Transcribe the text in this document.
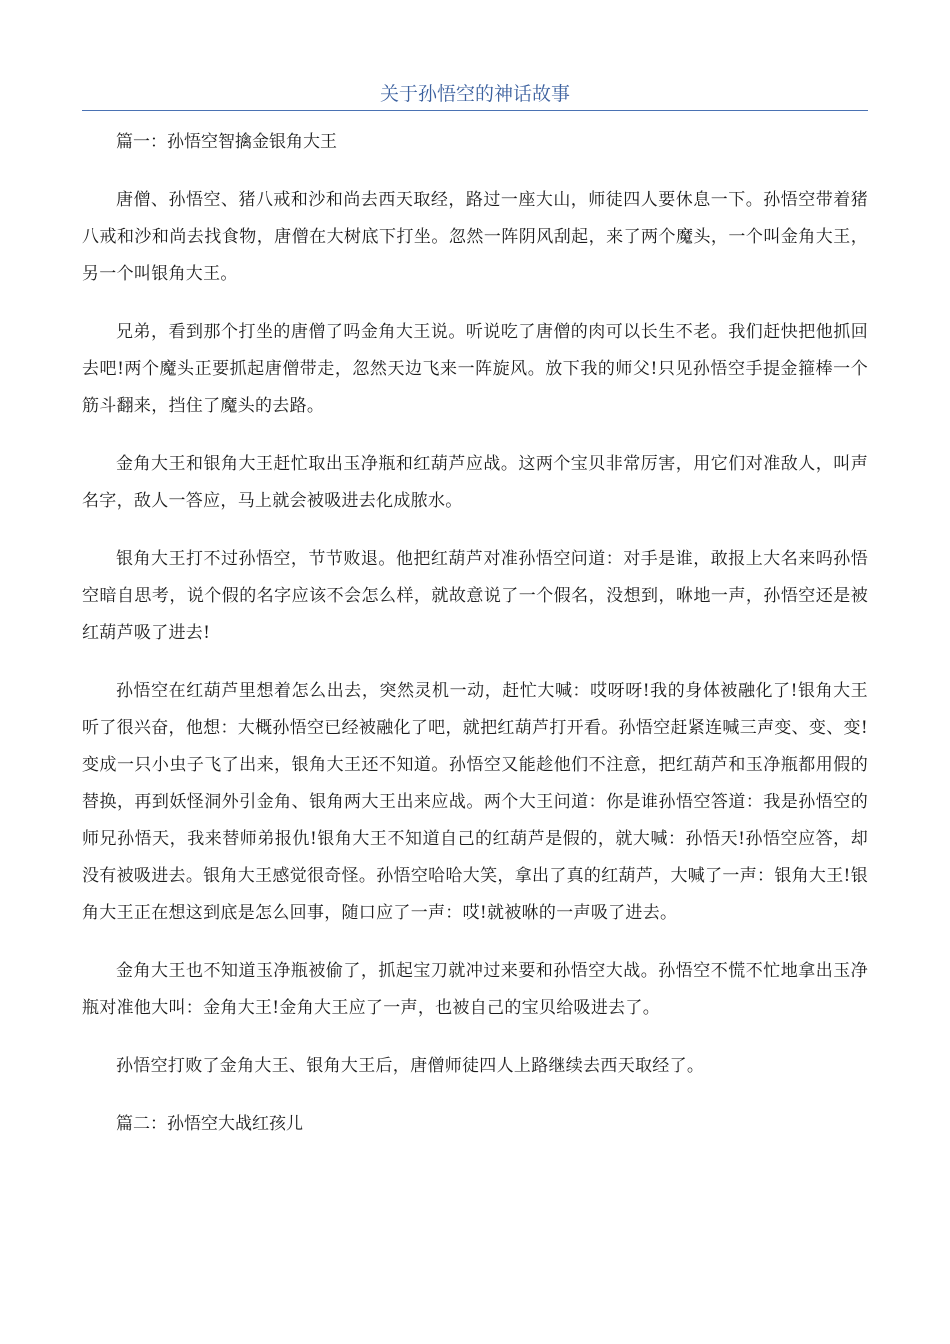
关于孙悟空的神话故事

篇一：孙悟空智擒金银角大王

唐僧、孙悟空、猪八戒和沙和尚去西天取经，路过一座大山，师徒四人要休息一下。孙悟空带着猪八戒和沙和尚去找食物，唐僧在大树底下打坐。忽然一阵阴风刮起，来了两个魔头，一个叫金角大王，另一个叫银角大王。

兄弟，看到那个打坐的唐僧了吗金角大王说。听说吃了唐僧的肉可以长生不老。我们赶快把他抓回去吧!两个魔头正要抓起唐僧带走，忽然天边飞来一阵旋风。放下我的师父!只见孙悟空手提金箍棒一个筋斗翻来，挡住了魔头的去路。

金角大王和银角大王赶忙取出玉净瓶和红葫芦应战。这两个宝贝非常厉害，用它们对准敌人，叫声名字，敌人一答应，马上就会被吸进去化成脓水。

银角大王打不过孙悟空，节节败退。他把红葫芦对准孙悟空问道：对手是谁，敢报上大名来吗孙悟空暗自思考，说个假的名字应该不会怎么样，就故意说了一个假名，没想到，咻地一声，孙悟空还是被红葫芦吸了进去!

孙悟空在红葫芦里想着怎么出去，突然灵机一动，赶忙大喊：哎呀呀!我的身体被融化了!银角大王听了很兴奋，他想：大概孙悟空已经被融化了吧，就把红葫芦打开看。孙悟空赶紧连喊三声变、变、变!变成一只小虫子飞了出来，银角大王还不知道。孙悟空又能趁他们不注意，把红葫芦和玉净瓶都用假的替换，再到妖怪洞外引金角、银角两大王出来应战。两个大王问道：你是谁孙悟空答道：我是孙悟空的师兄孙悟天，我来替师弟报仇!银角大王不知道自己的红葫芦是假的，就大喊：孙悟天!孙悟空应答，却没有被吸进去。银角大王感觉很奇怪。孙悟空哈哈大笑，拿出了真的红葫芦，大喊了一声：银角大王!银角大王正在想这到底是怎么回事，随口应了一声：哎!就被咻的一声吸了进去。

金角大王也不知道玉净瓶被偷了，抓起宝刀就冲过来要和孙悟空大战。孙悟空不慌不忙地拿出玉净瓶对准他大叫：金角大王!金角大王应了一声，也被自己的宝贝给吸进去了。

孙悟空打败了金角大王、银角大王后，唐僧师徒四人上路继续去西天取经了。

篇二：孙悟空大战红孩儿
